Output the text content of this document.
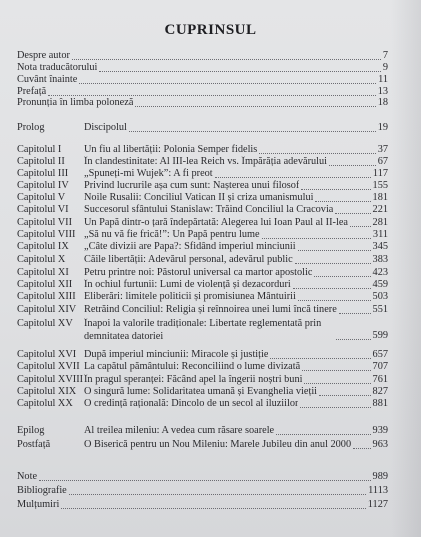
CUPRINSUL
Despre autor	7
Nota traducătorului	9
Cuvânt înainte	11
Prefață	13
Pronunția în limba poloneză	18
Prolog	Discipolul	19
Capitolul I Un fiu al libertății: Polonia Semper fidelis	37
Capitolul II În clandestinitate: Al III-lea Reich vs. Împărăția adevărului	67
Capitolul III „Spuneți-mi Wujek”: A fi preot	117
Capitolul IV Privind lucrurile așa cum sunt: Nașterea unui filosof	155
Capitolul V Noile Rusalii: Conciliul Vatican II și criza umanismului	181
Capitolul VI Succesorul sfântului Stanislaw: Trăind Conciliul la Cracovia	221
Capitolul VII Un Papă dintr-o țară îndepărtată: Alegerea lui Ioan Paul al II-lea 281
Capitolul VIII „Să nu vă fie frică!”: Un Papă pentru lume	311
Capitolul IX „Câte divizii are Papa?: Sfidând imperiul minciunii	345
Capitolul X Căile libertății: Adevărul personal, adevărul public	383
Capitolul XI Petru printre noi: Păstorul universal ca martor apostolic	423
Capitolul XII În ochiul furtunii: Lumi de violență și dezacorduri	459
Capitolul XIII Eliberări: limitele politicii și promisiunea Mântuirii	503
Capitolul XIV Retrăind Conciliul: Religia și reînnoirea unei lumi încă tinere	551
Capitolul XV Înapoi la valorile tradiționale: Libertate reglementată prin
demnitatea datoriei	599
Capitolul XVI După imperiul minciunii: Miracole și justiție	657
Capitolul XVII La capătul pământului: Reconciliind o lume divizată	707
Capitolul XVIII În pragul speranței: Făcând apel la îngerii noștri buni	761
Capitolul XIX O singură lume: Solidaritatea umană și Evanghelia vieții	827
Capitolul XX O credință rațională: Dincolo de un secol al iluziilor	881
Epilog	Al treilea mileniu: A vedea cum răsare soarele	939
Postfață	O Biserică pentru un Nou Mileniu: Marele Jubileu din anul 2000 963
Note	989
Bibliografie	1113
Mulțumiri	1127
